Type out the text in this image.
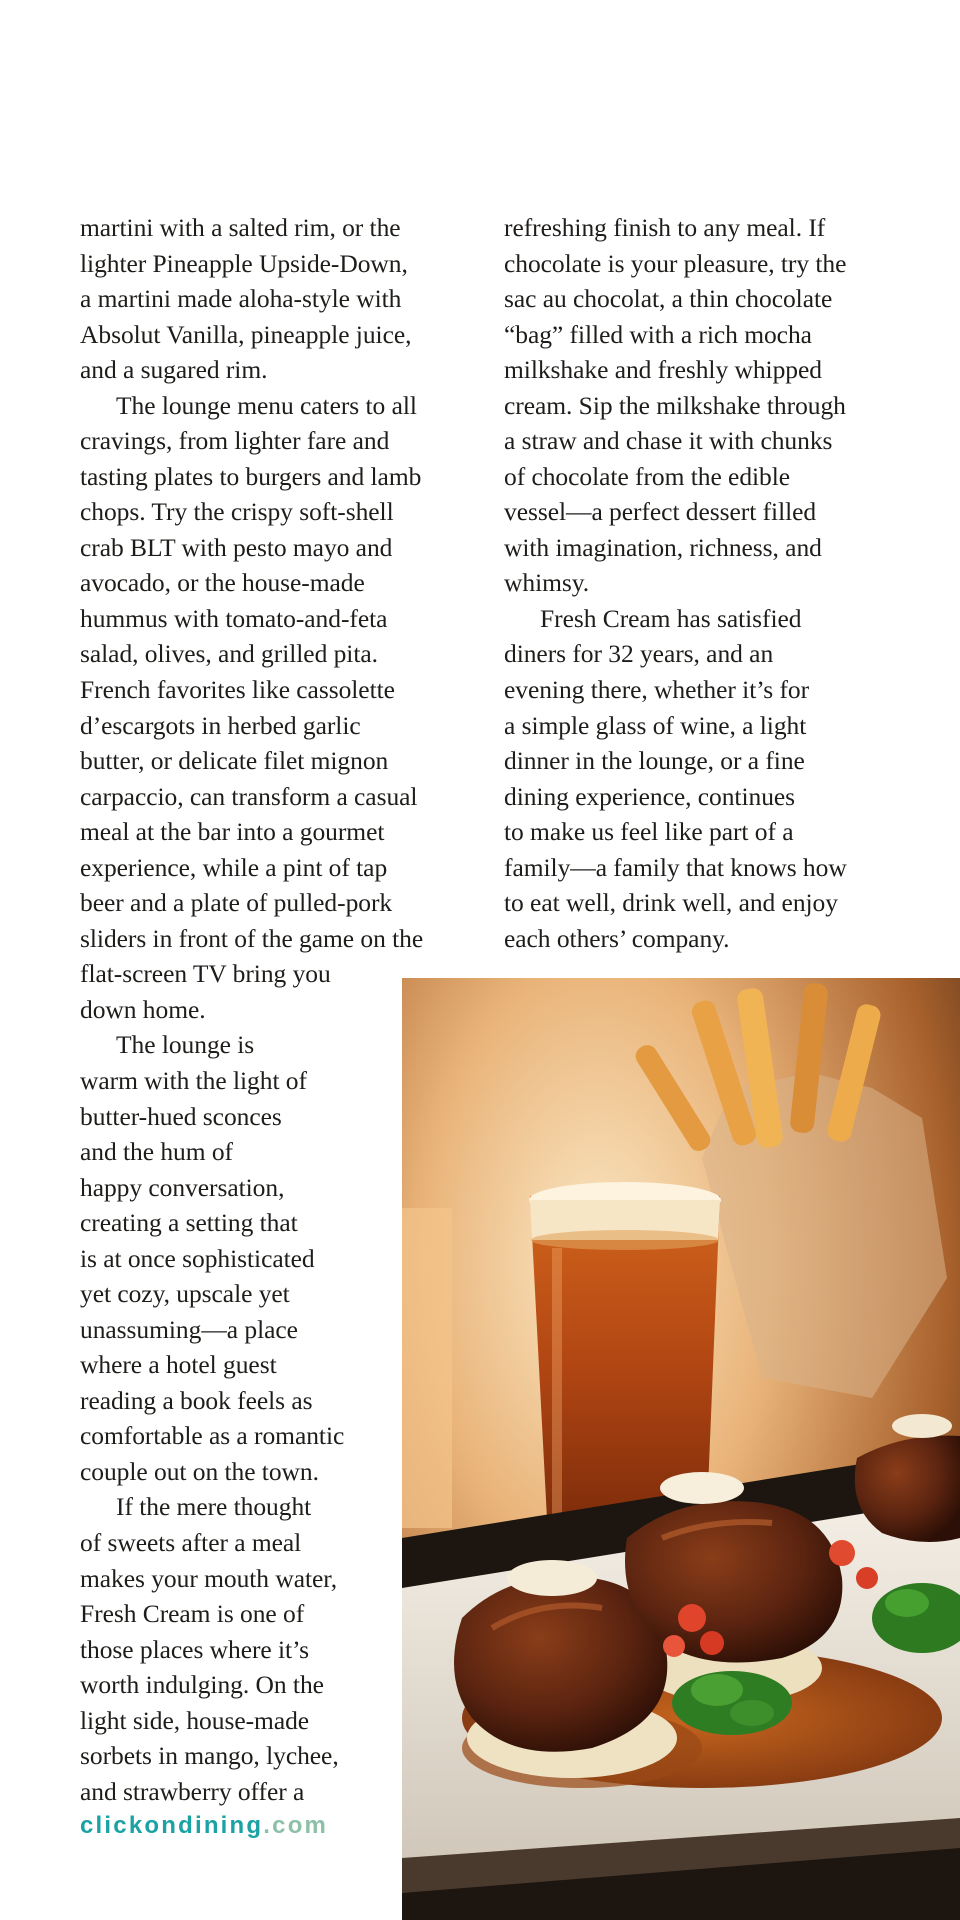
martini with a salted rim, or the
lighter Pineapple Upside-Down,
a martini made aloha-style with
Absolut Vanilla, pineapple juice,
and a sugared rim.
The lounge menu caters to all
cravings, from lighter fare and
tasting plates to burgers and lamb
chops. Try the crispy soft-shell
crab BLT with pesto mayo and
avocado, or the house-made
hummus with tomato-and-feta
salad, olives, and grilled pita.
French favorites like cassolette
d’escargots in herbed garlic
butter, or delicate filet mignon
carpaccio, can transform a casual
meal at the bar into a gourmet
experience, while a pint of tap
beer and a plate of pulled-pork
sliders in front of the game on the
flat-screen TV bring you
down home.
The lounge is
warm with the light of
butter-hued sconces
and the hum of
happy conversation,
creating a setting that
is at once sophisticated
yet cozy, upscale yet
unassuming—a place
where a hotel guest
reading a book feels as
comfortable as a romantic
couple out on the town.
If the mere thought
of sweets after a meal
makes your mouth water,
Fresh Cream is one of
those places where it’s
worth indulging. On the
light side, house-made
sorbets in mango, lychee,
and strawberry offer a
refreshing finish to any meal. If
chocolate is your pleasure, try the
sac au chocolat, a thin chocolate
“bag” filled with a rich mocha
milkshake and freshly whipped
cream. Sip the milkshake through
a straw and chase it with chunks
of chocolate from the edible
vessel—a perfect dessert filled
with imagination, richness, and
whimsy.
Fresh Cream has satisfied
diners for 32 years, and an
evening there, whether it’s for
a simple glass of wine, a light
dinner in the lounge, or a fine
dining experience, continues
to make us feel like part of a
family—a family that knows how
to eat well, drink well, and enjoy
each others’ company.
clickondining.com
